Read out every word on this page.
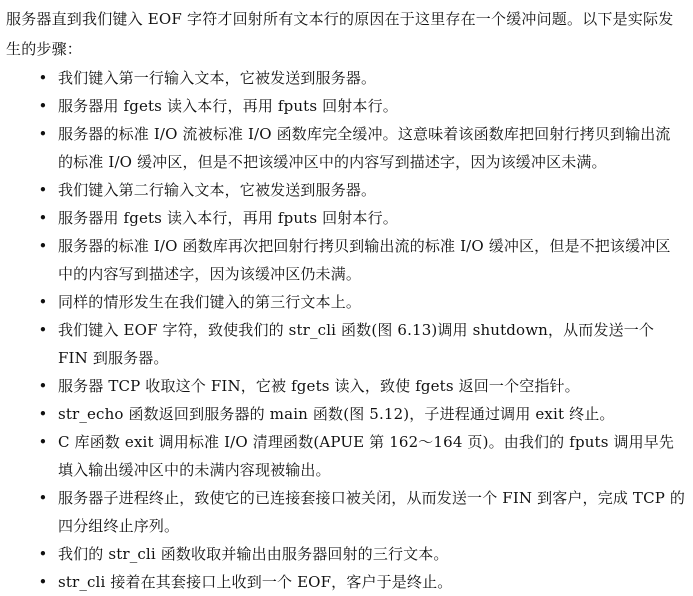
服务器直到我们键入 EOF 字符才回射所有文本行的原因在于这里存在一个缓冲问题。以下是实际发生的步骤：

• 我们键入第一行输入文本，它被发送到服务器。
• 服务器用 fgets 读入本行，再用 fputs 回射本行。
• 服务器的标准 I/O 流被标准 I/O 函数库完全缓冲。这意味着该函数库把回射行拷贝到输出流的标准 I/O 缓冲区，但是不把该缓冲区中的内容写到描述字，因为该缓冲区未满。
• 我们键入第二行输入文本，它被发送到服务器。
• 服务器用 fgets 读入本行，再用 fputs 回射本行。
• 服务器的标准 I/O 函数库再次把回射行拷贝到输出流的标准 I/O 缓冲区，但是不把该缓冲区中的内容写到描述字，因为该缓冲区仍未满。
• 同样的情形发生在我们键入的第三行文本上。
• 我们键入 EOF 字符，致使我们的 str_cli 函数(图 6.13)调用 shutdown，从而发送一个 FIN 到服务器。
• 服务器 TCP 收取这个 FIN，它被 fgets 读入，致使 fgets 返回一个空指针。
• str_echo 函数返回到服务器的 main 函数(图 5.12)，子进程通过调用 exit 终止。
• C 库函数 exit 调用标准 I/O 清理函数(APUE 第 162～164 页)。由我们的 fputs 调用早先填入输出缓冲区中的未满内容现被输出。
• 服务器子进程终止，致使它的已连接套接口被关闭，从而发送一个 FIN 到客户，完成 TCP 的四分组终止序列。
• 我们的 str_cli 函数收取并输出由服务器回射的三行文本。
• str_cli 接着在其套接口上收到一个 EOF，客户于是终止。
